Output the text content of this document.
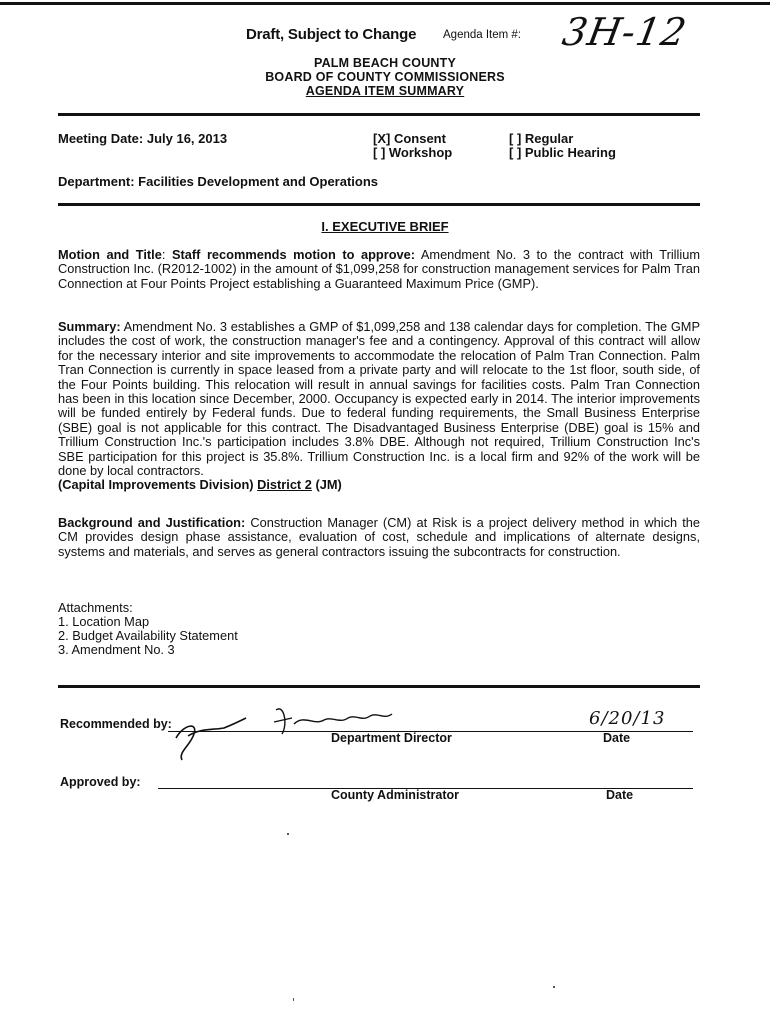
Draft, Subject to Change Agenda Item #: 3H-12
PALM BEACH COUNTY
BOARD OF COUNTY COMMISSIONERS
AGENDA ITEM SUMMARY
Meeting Date: July 16, 2013	[X] Consent
[ ] Workshop
[ ] Regular
[ ] Public Hearing
Department: Facilities Development and Operations
I. EXECUTIVE BRIEF
Motion and Title: Staff recommends motion to approve: Amendment No. 3 to the contract with Trillium Construction Inc. (R2012-1002) in the amount of $1,099,258 for construction management services for Palm Tran Connection at Four Points Project establishing a Guaranteed Maximum Price (GMP).
Summary: Amendment No. 3 establishes a GMP of $1,099,258 and 138 calendar days for completion. The GMP includes the cost of work, the construction manager's fee and a contingency. Approval of this contract will allow for the necessary interior and site improvements to accommodate the relocation of Palm Tran Connection. Palm Tran Connection is currently in space leased from a private party and will relocate to the 1st floor, south side, of the Four Points building. This relocation will result in annual savings for facilities costs. Palm Tran Connection has been in this location since December, 2000. Occupancy is expected early in 2014. The interior improvements will be funded entirely by Federal funds. Due to federal funding requirements, the Small Business Enterprise (SBE) goal is not applicable for this contract. The Disadvantaged Business Enterprise (DBE) goal is 15% and Trillium Construction Inc.'s participation includes 3.8% DBE. Although not required, Trillium Construction Inc's SBE participation for this project is 35.8%. Trillium Construction Inc. is a local firm and 92% of the work will be done by local contractors.
(Capital Improvements Division) District 2 (JM)
Background and Justification: Construction Manager (CM) at Risk is a project delivery method in which the CM provides design phase assistance, evaluation of cost, schedule and implications of alternate designs, systems and materials, and serves as general contractors issuing the subcontracts for construction.
Attachments:
1. Location Map
2. Budget Availability Statement
3. Amendment No. 3
Recommended by:
Department Director
6/20/13
Date
Approved by:
County Administrator	Date
